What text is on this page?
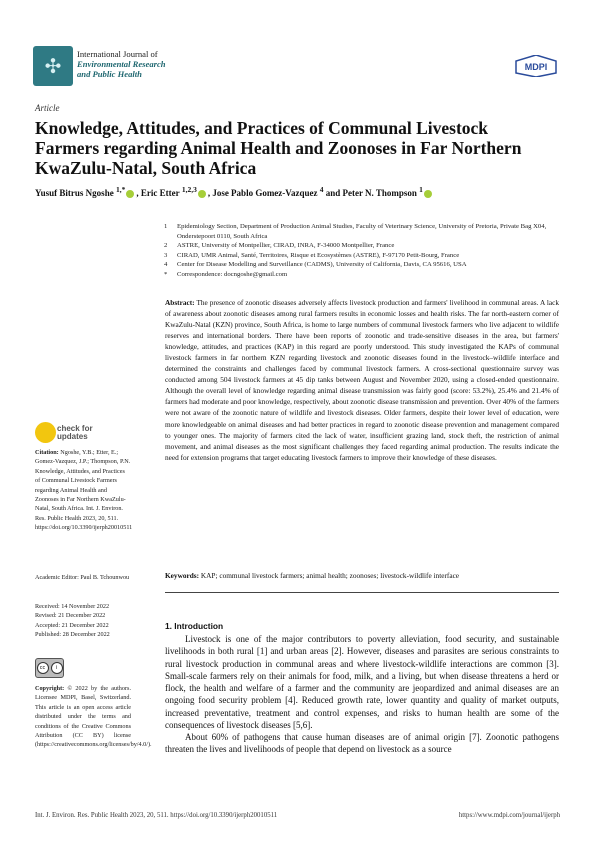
✣	International Journal of
Environmental Research
and Public Health
MDPI
Article
Knowledge, Attitudes, and Practices of Communal Livestock Farmers regarding Animal Health and Zoonoses in Far Northern KwaZulu-Natal, South Africa
Yusuf Bitrus Ngoshe $^{1,*}$ , Eric Etter $^{1,2,3}$ , Jose Pablo Gomez-Vazquez $^4$ and Peter N. Thompson $^1$
1	Epidemiology Section, Department of Production Animal Studies, Faculty of Veterinary Science, University of Pretoria, Private Bag X04, Onderstepoort 0110, South Africa
2	ASTRE, University of Montpellier, CIRAD, INRA, F-34000 Montpellier, France
3	CIRAD, UMR Animal, Santé, Territoires, Risque et Ecosystèmes (ASTRE), F-97170 Petit-Bourg, France
4	Center for Disease Modelling and Surveillance (CADMS), University of California, Davis, CA 95616, USA
*	Correspondence: docngoshe@gmail.com
Abstract: The presence of zoonotic diseases adversely affects livestock production and farmers' livelihood in communal areas. A lack of awareness about zoonotic diseases among rural farmers results in economic losses and health risks. The far north-eastern corner of KwaZulu-Natal (KZN) province, South Africa, is home to large numbers of communal livestock farmers who live adjacent to wildlife reserves and international borders. There have been reports of zoonotic and trade-sensitive diseases in the area, but farmers' knowledge, attitudes, and practices (KAP) in this regard are poorly understood. This study investigated the KAPs of communal livestock farmers in far northern KZN regarding livestock and zoonotic diseases found in the livestock–wildlife interface and determined the constraints and challenges faced by communal livestock farmers. A cross-sectional questionnaire survey was conducted among 504 livestock farmers at 45 dip tanks between August and November 2020, using a closed-ended questionnaire. Although the overall level of knowledge regarding animal disease transmission was fairly good (score: 53.2%), 25.4% and 21.4% of farmers had moderate and poor knowledge, respectively, about zoonotic disease transmission and prevention. Over 40% of the farmers were not aware of the zoonotic nature of wildlife and livestock diseases. Older farmers, despite their lower level of education, were more knowledgeable on animal diseases and had better practices in regard to zoonotic disease prevention and management compared to younger ones. The majority of farmers cited the lack of water, insufficient grazing land, stock theft, the restriction of animal movement, and animal diseases as the most significant challenges they faced regarding animal production. The results indicate the need for extension programs that target educating livestock farmers to improve their knowledge of these diseases.
Keywords: KAP; communal livestock farmers; animal health; zoonoses; livestock-wildlife interface
check for
updates
Citation: Ngoshe, Y.B.; Etter, E.; Gomez-Vazquez, J.P.; Thompson, P.N. Knowledge, Attitudes, and Practices of Communal Livestock Farmers regarding Animal Health and Zoonoses in Far Northern KwaZulu-Natal, South Africa. Int. J. Environ. Res. Public Health 2023, 20, 511. https://doi.org/10.3390/ijerph20010511
Academic Editor: Paul B. Tchounwou
Received: 14 November 2022
Revised: 21 December 2022
Accepted: 21 December 2022
Published: 28 December 2022
cc	i
Copyright: © 2022 by the authors. Licensee MDPI, Basel, Switzerland. This article is an open access article distributed under the terms and conditions of the Creative Commons Attribution (CC BY) license (https://creativecommons.org/licenses/by/4.0/).
1. Introduction

Livestock is one of the major contributors to poverty alleviation, food security, and sustainable livelihoods in both rural [1] and urban areas [2]. However, diseases and parasites are serious constraints to rural livestock production in communal areas and where livestock-wildlife interactions are common [3]. Small-scale farmers rely on their animals for food, milk, and a living, but when disease threatens a herd or flock, the health and welfare of a farmer and the community are jeopardized and animal diseases are an ongoing food security problem [4]. Reduced growth rate, lower quantity and quality of market outputs, increased preventative, treatment and control expenses, and risks to human health are some of the consequences of livestock diseases [5,6].

About 60% of pathogens that cause human diseases are of animal origin [7]. Zoonotic pathogens threaten the lives and livelihoods of people that depend on livestock as a source

Int. J. Environ. Res. Public Health 2023, 20, 511. https://doi.org/10.3390/ijerph20010511	https://www.mdpi.com/journal/ijerph
